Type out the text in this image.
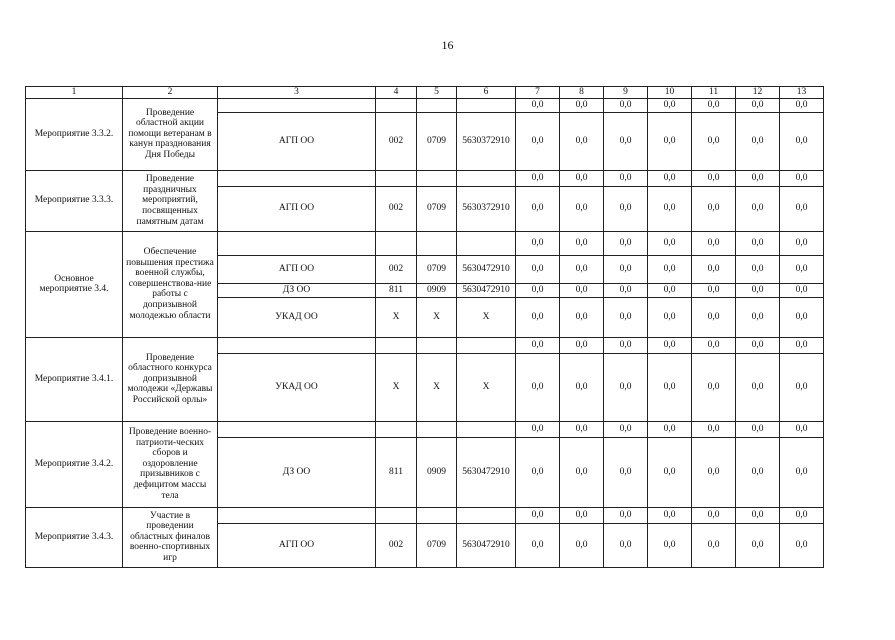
16
1	2	3	4	5	6	7	8	9	10	11	12	13
Мероприятие 3.3.2.	Проведение областной акции помощи ветеранам в канун празднования Дня Победы					0,0	0,0	0,0	0,0	0,0	0,0	0,0
		АГП ОО	002	0709	5630372910	0,0	0,0	0,0	0,0	0,0	0,0	0,0
Мероприятие 3.3.3.	Проведение праздничных мероприятий, посвященных памятным датам					0,0	0,0	0,0	0,0	0,0	0,0	0,0
		АГП ОО	002	0709	5630372910	0,0	0,0	0,0	0,0	0,0	0,0	0,0
Основное мероприятие 3.4.	Обеспечение повышения престижа военной службы, совершенствова-ние работы с допризывной молодежью области					0,0	0,0	0,0	0,0	0,0	0,0	0,0
		АГП ОО	002	0709	5630472910	0,0	0,0	0,0	0,0	0,0	0,0	0,0
		ДЗ ОО	811	0909	5630472910	0,0	0,0	0,0	0,0	0,0	0,0	0,0
		УКАД ОО	Х	Х	Х	0,0	0,0	0,0	0,0	0,0	0,0	0,0
Мероприятие 3.4.1.	Проведение областного конкурса допризывной молодежи «Державы Российской орлы»					0,0	0,0	0,0	0,0	0,0	0,0	0,0
		УКАД ОО	Х	Х	Х	0,0	0,0	0,0	0,0	0,0	0,0	0,0
Мероприятие 3.4.2.	Проведение военно-патриоти-ческих сборов и оздоровление призывников с дефицитом массы тела					0,0	0,0	0,0	0,0	0,0	0,0	0,0
		ДЗ ОО	811	0909	5630472910	0,0	0,0	0,0	0,0	0,0	0,0	0,0
Мероприятие 3.4.3.	Участие в проведении областных финалов военно-спортивных игр					0,0	0,0	0,0	0,0	0,0	0,0	0,0
		АГП ОО	002	0709	5630472910	0,0	0,0	0,0	0,0	0,0	0,0	0,0
